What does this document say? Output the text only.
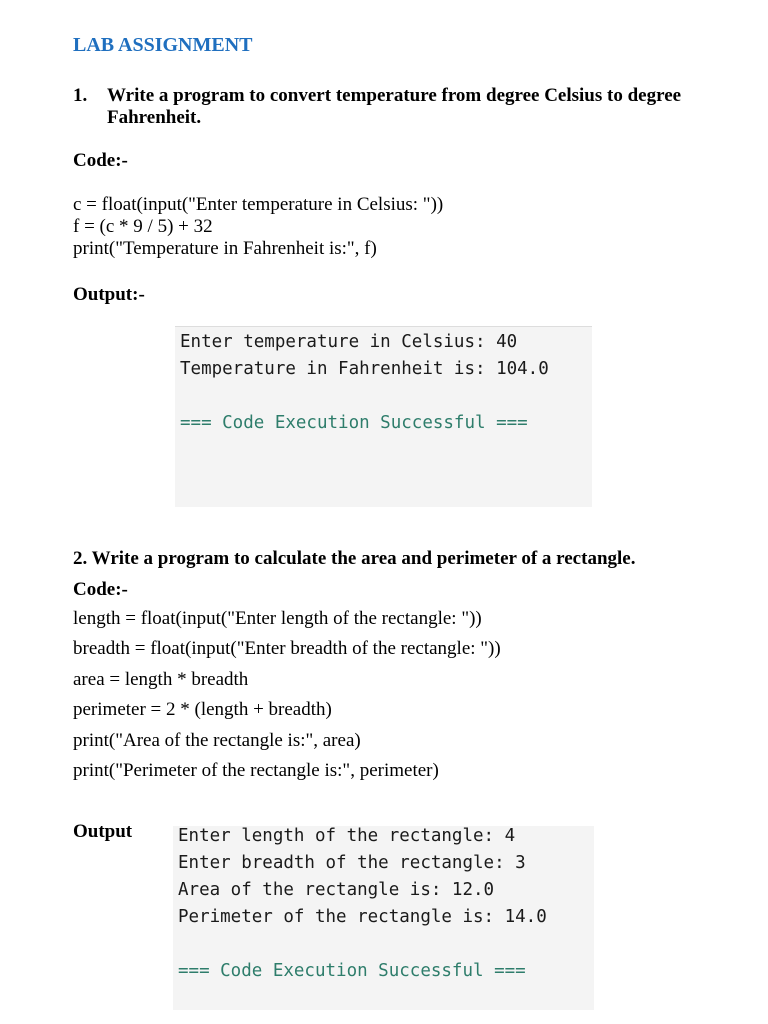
LAB ASSIGNMENT
1. Write a program to convert temperature from degree Celsius to degree Fahrenheit.
Code:-
c = float(input("Enter temperature in Celsius: "))
f = (c * 9 / 5) + 32
print("Temperature in Fahrenheit is:", f)
Output:-
Enter temperature in Celsius: 40
Temperature in Fahrenheit is: 104.0
=== Code Execution Successful ===
2. Write a program to calculate the area and perimeter of a rectangle.
Code:-
length = float(input("Enter length of the rectangle: "))
breadth = float(input("Enter breadth of the rectangle: "))
area = length * breadth
perimeter = 2 * (length + breadth)
print("Area of the rectangle is:", area)
print("Perimeter of the rectangle is:", perimeter)
Output	Enter length of the rectangle: 4
Enter breadth of the rectangle: 3
Area of the rectangle is: 12.0
Perimeter of the rectangle is: 14.0
=== Code Execution Successful ===
